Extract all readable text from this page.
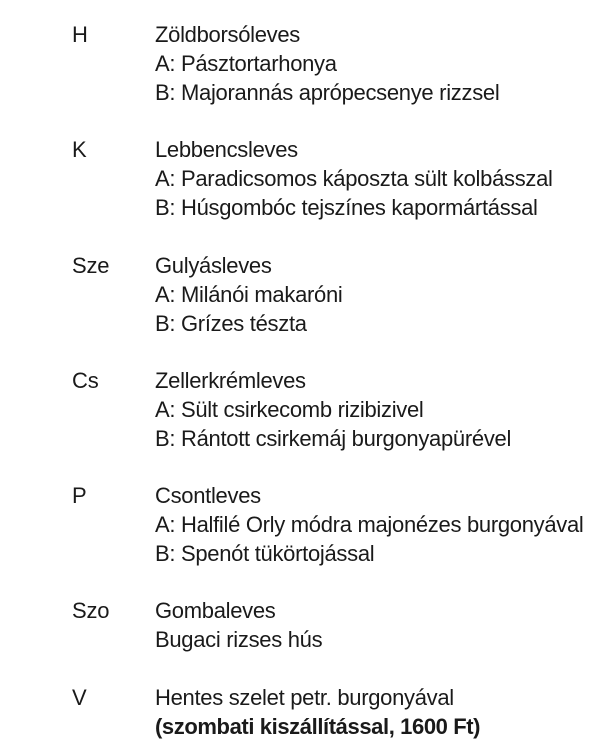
H	Zöldborsóleves
A: Pásztortarhonya
B: Majorannás aprópecsenye rizzsel
K	Lebbencsleves
A: Paradicsomos káposzta sült kolbásszal
B: Húsgombóc tejszínes kapormártással
Sze Gulyásleves
A: Milánói makaróni
B: Grízes tészta
Cs	Zellerkrémleves
A: Sült csirkecomb rizibizivel
B: Rántott csirkemáj burgonyapürével
P	Csontleves
A: Halfilé Orly módra majonézes burgonyával
B: Spenót tükörtojással
Szo Gombaleves
Bugaci rizses hús
V	Hentes szelet petr. burgonyával
(szombati kiszállítással, 1600 Ft)
